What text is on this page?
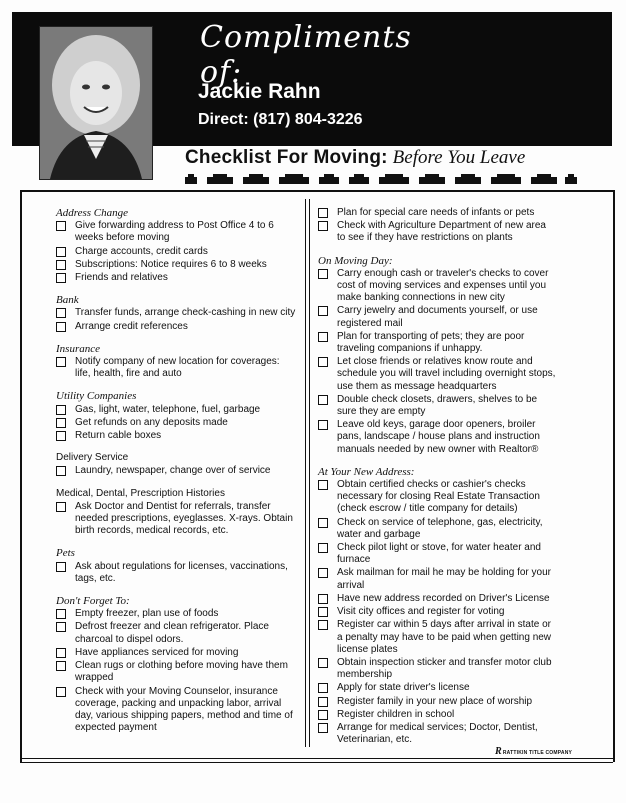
Compliments of:
Jackie Rahn
Direct: (817) 804-3226
Checklist For Moving: Before You Leave
Address Change
Give forwarding address to Post Office 4 to 6 weeks before moving
Charge accounts, credit cards
Subscriptions: Notice requires 6 to 8 weeks
Friends and relatives
Bank
Transfer funds, arrange check-cashing in new city
Arrange credit references
Insurance
Notify company of new location for coverages: life, health, fire and auto
Utility Companies
Gas, light, water, telephone, fuel, garbage
Get refunds on any deposits made
Return cable boxes
Delivery Service
Laundry, newspaper, change over of service
Medical, Dental, Prescription Histories
Ask Doctor and Dentist for referrals, transfer needed prescriptions, eyeglasses. X-rays. Obtain birth records, medical records, etc.
Pets
Ask about regulations for licenses, vaccinations, tags, etc.
Don't Forget To:
Empty freezer, plan use of foods
Defrost freezer and clean refrigerator. Place charcoal to dispel odors.
Have appliances serviced for moving
Clean rugs or clothing before moving have them wrapped
Check with your Moving Counselor, insurance coverage, packing and unpacking labor, arrival day, various shipping papers, method and time of expected payment
Plan for special care needs of infants or pets
Check with Agriculture Department of new area to see if they have restrictions on plants
On Moving Day:
Carry enough cash or traveler's checks to cover cost of moving services and expenses until you make banking connections in new city
Carry jewelry and documents yourself, or use registered mail
Plan for transporting of pets; they are poor traveling companions if unhappy.
Let close friends or relatives know route and schedule you will travel including overnight stops, use them as message headquarters
Double check closets, drawers, shelves to be sure they are empty
Leave old keys, garage door openers, broiler pans, landscape / house plans and instruction manuals needed by new owner with Realtor®
At Your New Address:
Obtain certified checks or cashier's checks necessary for closing Real Estate Transaction (check escrow / title company for details)
Check on service of telephone, gas, electricity, water and garbage
Check pilot light or stove, for water heater and furnace
Ask mailman for mail he may be holding for your arrival
Have new address recorded on Driver's License
Visit city offices and register for voting
Register car within 5 days after arrival in state or a penalty may have to be paid when getting new license plates
Obtain inspection sticker and transfer motor club membership
Apply for state driver's license
Register family in your new place of worship
Register children in school
Arrange for medical services; Doctor, Dentist, Veterinarian, etc.
RRATTIKIN TITLE COMPANY
